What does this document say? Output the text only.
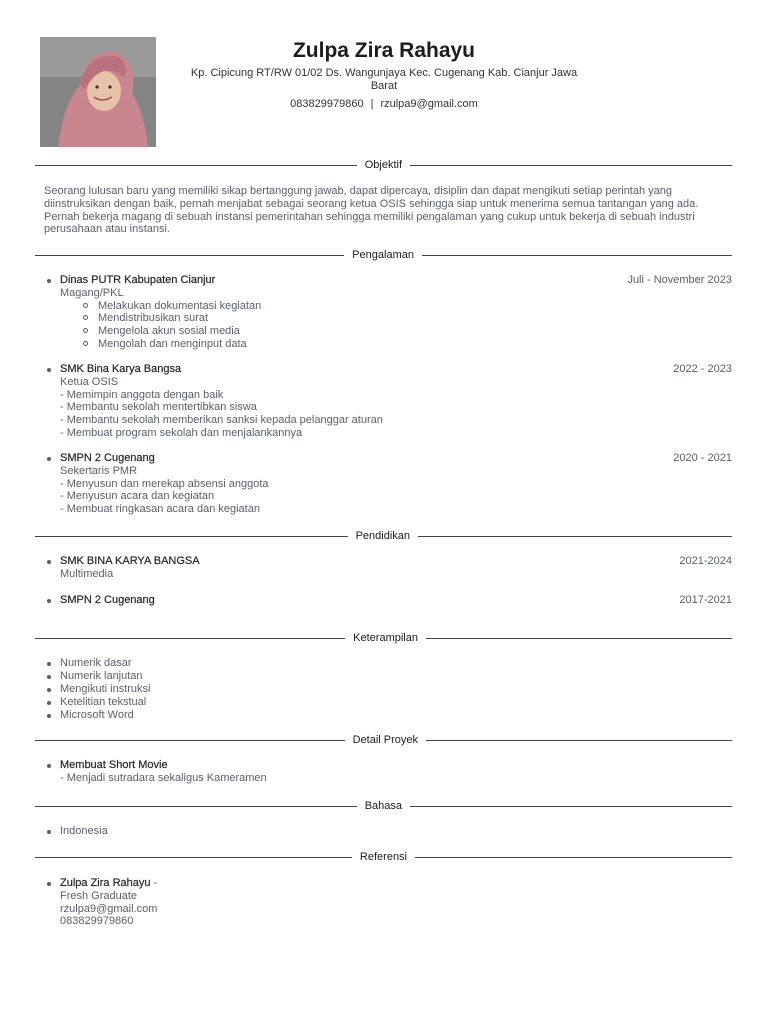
Zulpa Zira Rahayu
Kp. Cipicung RT/RW 01/02 Ds. Wangunjaya Kec. Cugenang Kab. Cianjur Jawa Barat
083829979860 | rzulpa9@gmail.com
Objektif
Seorang lulusan baru yang memiliki sikap bertanggung jawab, dapat dipercaya, disiplin dan dapat mengikuti setiap perintah yang diinstruksikan dengan baik, pernah menjabat sebagai seorang ketua OSIS sehingga siap untuk menerima semua tantangan yang ada. Pernah bekerja magang di sebuah instansi pemerintahan sehingga memiliki pengalaman yang cukup untuk bekerja di sebuah industri perusahaan atau instansi.
Pengalaman
Dinas PUTR Kabupaten Cianjur	Juli - November 2023
Magang/PKL
Melakukan dokumentasi kegiatan
Mendistribusikan surat
Mengelola akun sosial media
Mengolah dan menginput data
SMK Bina Karya Bangsa	2022 - 2023
Ketua OSIS
- Memimpin anggota dengan baik
- Membantu sekolah mentertibkan siswa
- Membantu sekolah memberikan sanksi kepada pelanggar aturan
- Membuat program sekolah dan menjalankannya
SMPN 2 Cugenang	2020 - 2021
Sekertaris PMR
- Menyusun dan merekap absensi anggota
- Menyusun acara dan kegiatan
- Membuat ringkasan acara dan kegiatan
Pendidikan
SMK BINA KARYA BANGSA	2021-2024
Multimedia
SMPN 2 Cugenang	2017-2021
Keterampilan
Numerik dasar
Numerik lanjutan
Mengikuti instruksi
Ketelitian tekstual
Microsoft Word
Detail Proyek
Membuat Short Movie
- Menjadi sutradara sekaligus Kameramen
Bahasa
Indonesia
Referensi
Zulpa Zira Rahayu -
Fresh Graduate
rzulpa9@gmail.com
083829979860
